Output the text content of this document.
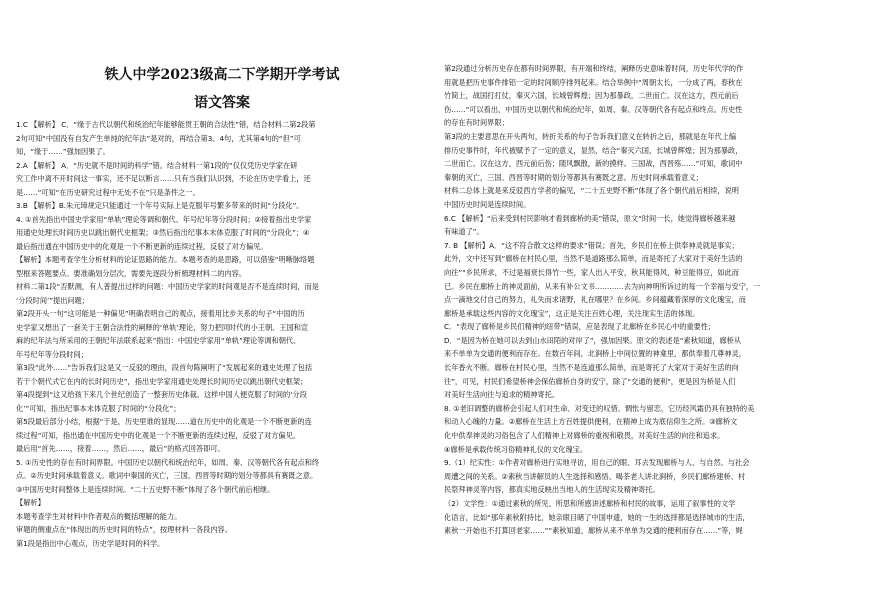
铁人中学2023级高二下学期开学考试
语文答案
1.C 【解析】 C．“缘于古代以朝代和统治纪年能够能贯王朝的合法性”错，结合材料二第2段第
2句可知“中国没有自发产生单纯的纪年法”是对的，再结合第3、4句，尤其第4句的“但”可
知，“缘于……”强加因果了。
2.A 【解析】 A．“历史就不是时间的科学”错。结合材料一第1段的“仅仅凭历史学家在研
究工作中离不开时间这一事实，还不足以断言……只有当我们认识到，不论在历史学看上，还
是……”可知“在历史研究过程中无处不在”只是条件之一。
3.B 【解析】B.朱元璋规定只能通过一个年号实际上是克服年号繁多带来的时间“分段化”。
4. ①首先指出中国史学家用“单轨”理论等调和朝代、年号纪年等分段时间；②接着指出史学家
用通史处理长时间历史以跳出朝代史框架；③然后指出纪事本末体克服了时间的“分段化”；④
最后指出通在中国历史中的化观是一个不断更新的连续过程，反驳了对方偏见。
【解析】本题考查学生分析材料的论证思路的能力。本题考查的是思路，可以借鉴“明晰脉络题
型框来答题要点。要准确划分层次，需要先逐段分析梳理材料二的内容。
材料二第1段“否默测，有人普提出过样的问题：中国历史学家的时间观是否不是连续时间，而是
‘分段时间’”提出问题；
第2段开头一句“这可能是一种偏见”明确表明自己的观点，接着用比步关系的句子“中国的历
史学家又想出了一套关于王朝合法性的阐释的‘单轨’理论，努力把同时代的小王朝、王国和宣
麻的纪年法与所采用的王朝纪年法联系起来”指出：中国史学家用“单轨”理论等调和朝代、
年号纪年等分段时间；
第3段“此外……”告诉我们这是又一反驳的理由，段首句陈阐明了“发展起来的通史处理了包括
若干个朝代式它在内的长时间历史”，指出史学家用通史处理长时间历史以跳出朝代史框架；
第4段提到“这又给孩下来几个世纪创造了一整套历史体裁。这样中国人便克服了时间的‘分段
化’”可知，指出纪事本末体克服了时间的“分段化”；
第5段最后部分小结，根据“于是，历史里谁的显现……道在历史中的化观是一个不断更新的连
续过程”可知，指出通在中国历史中的化观是一个不断更新的连续过程，反驳了对方偏见。
最后用“首先……，接着……，然后……，最后”的格式回答即可。
5. ①历史性的存在有时间界限。中国历史以朝代和统治纪年，如周、秦、汉等朝代各有起点和终
点。②历史时间承载着意义。歌词中秦国的灭亡，三国、西晋等时期的划分等都具有赛既之意。
③中国历史时间整体上是连续时间。“二十五史野不断”体现了各个朝代前后相继。
【解析】
本题考查学生对材料中作者观点的概括理解的能力。
审题的侧重点在“体现出的历史时间的特点”，按理材料一各段内容。
第1段是指出中心观点，历史学是时间的科学。
第2段通过分析历史存在都有时间界限，有开端和终结，阐释历史意味着时间，历史年代学的作
用就是把历史事件排铝一定的时间顺序排列起来。结合举例中“周朝太长，一分成了两，春秋在
竹简上，战国打打仗，秦灭六国，长城曾辉煌；因为那暴政，二世而亡。汉在这方，西元前后
伤……”可以看出，中国历史以朝代和统治纪年，如周、秦、汉等朝代各有起点和终点。历史性
的存在有时间界限；
第3段的主要意思在开头两句，转折关系的句子告诉我们意义在转折之后，那就是在年代上编
排历史事件时，年代被赋予了一定的意义，显然，结合“秦灭六国，长城曾辉煌；因为那暴政，
二世而亡。汉在这方，西元前后伤；随风飘散，新的摸样。三国战，西晋殇……”可知，歌词中
秦朝的灭亡，三国、西晋等时期的划分等都具有赛既之意。历史时间承载着意义；
材料二总体上就是来反驳西方学者的偏见，“二十五史野不断”体现了各个朝代前后相续，说明
中国历史时间是连续时间。
6.C 【解析】“后来受到村民影响才看到廊桥的美”错误，原文“时间一长，她觉得廊桥越来越
有味道了”。
7. B 【解析】A．“这不符合散文这样的要求”错误；首先，乡民们在桥上供奉神灵就是事实；
此外，文中还写到“廊桥在村民心里，当然不是道路那么简单，而是寄托了大家对于美好生活的
向往”“乡民所求，不过是福衰长得竹一些，家人出入平安，秋其能得风，种豆能得豆，如此而
已。乡民在廊桥上的神灵面前，从来有补公文书…………去为向神明所诉过的每一个幸福与安宁，一
点一滴地交付自己的努力，礼失而求诸野，礼在哪里？在乡间。乡间蕴藏着深厚的文化瑰宝，而
廊桥是承载这些内容的文化瑰宝”，这正是关注百姓心理，关注现实生活的体现。
C．“表现了廊桥是乡民们精神的纽带”错误，应是表现了北廊桥在乡民心中的重要性；
D．“是因为桥在她可以去到山水田陌的对岸了”，强加因果。原文的表述是“素秋知道，廊桥从
来不单单为交通的便利而存在。在数百年间，北涧桥上中间位置的神龛里，都供奉着几尊神灵，
长年香火不断。廊桥在村民心里，当然不是连道那么简单，而是寄托了大家对于美好生活的向
往”，可见，村民们希望桥神会保佑廊桥自身的安宁，除了“交通的便利”，更是因为桥是人们
对美好生活向往与追求的精神寄托。
8. ①老旧调整的廊桥会引起人们对生命、对变迁的叹惜、惆怅与留恋，它历经风霜仍具有独特的美
和动人心魄的力量。②廊桥在生活上方百姓提供便利，在精神上成为底信仰生之所。③廊桥文
化中供奉神灵的习俗包含了人们精神上对廊桥的重视和敬畏，对美好生活的向往和追求。
④廊桥是承载传统习俗精神礼仪的文化瑰宝。
9.（1）纪实性：①作者对廊桥进行实地寻访，用自己的眼、耳去发现廊桥与人、与自然、与社会
周遭之间的关系。②素秋当讲解员的人生选择和感悟、喝茶老人讲北涧桥，乡民们廊桥建桥、村
民祭拜神灵等内容，都真实地反映出当地人的生活现实及精神寄托。
（2）文学性：①通过素秋的所见、所思和所感讲述廊桥和村民的故事，运用了叙事性的文学
化语言，比如“那年素秋附持比，她亲眼目睹了中国申遗，她的一生的选择都是选择城市的生活，
素秋一开始也不打算回老家……”“素秋知道，廊桥从来不单单为交通的便利而存在……”等，娓
